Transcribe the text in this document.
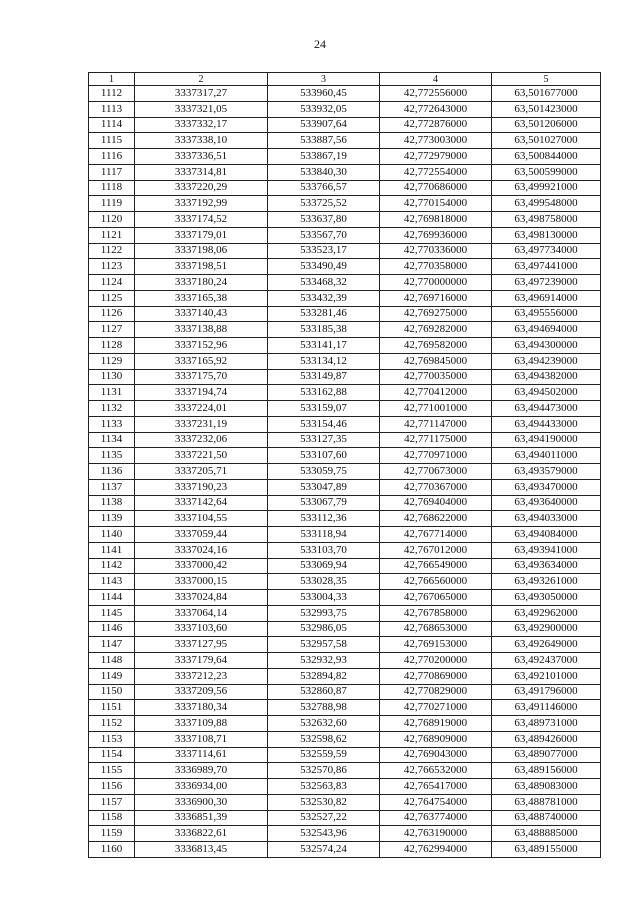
24
1	2	3	4	5
1112	3337317,27	533960,45	42,772556000	63,501677000
1113	3337321,05	533932,05	42,772643000	63,501423000
1114	3337332,17	533907,64	42,772876000	63,501206000
1115	3337338,10	533887,56	42,773003000	63,501027000
1116	3337336,51	533867,19	42,772979000	63,500844000
1117	3337314,81	533840,30	42,772554000	63,500599000
1118	3337220,29	533766,57	42,770686000	63,499921000
1119	3337192,99	533725,52	42,770154000	63,499548000
1120	3337174,52	533637,80	42,769818000	63,498758000
1121	3337179,01	533567,70	42,769936000	63,498130000
1122	3337198,06	533523,17	42,770336000	63,497734000
1123	3337198,51	533490,49	42,770358000	63,497441000
1124	3337180,24	533468,32	42,770000000	63,497239000
1125	3337165,38	533432,39	42,769716000	63,496914000
1126	3337140,43	533281,46	42,769275000	63,495556000
1127	3337138,88	533185,38	42,769282000	63,494694000
1128	3337152,96	533141,17	42,769582000	63,494300000
1129	3337165,92	533134,12	42,769845000	63,494239000
1130	3337175,70	533149,87	42,770035000	63,494382000
1131	3337194,74	533162,88	42,770412000	63,494502000
1132	3337224,01	533159,07	42,771001000	63,494473000
1133	3337231,19	533154,46	42,771147000	63,494433000
1134	3337232,06	533127,35	42,771175000	63,494190000
1135	3337221,50	533107,60	42,770971000	63,494011000
1136	3337205,71	533059,75	42,770673000	63,493579000
1137	3337190,23	533047,89	42,770367000	63,493470000
1138	3337142,64	533067,79	42,769404000	63,493640000
1139	3337104,55	533112,36	42,768622000	63,494033000
1140	3337059,44	533118,94	42,767714000	63,494084000
1141	3337024,16	533103,70	42,767012000	63,493941000
1142	3337000,42	533069,94	42,766549000	63,493634000
1143	3337000,15	533028,35	42,766560000	63,493261000
1144	3337024,84	533004,33	42,767065000	63,493050000
1145	3337064,14	532993,75	42,767858000	63,492962000
1146	3337103,60	532986,05	42,768653000	63,492900000
1147	3337127,95	532957,58	42,769153000	63,492649000
1148	3337179,64	532932,93	42,770200000	63,492437000
1149	3337212,23	532894,82	42,770869000	63,492101000
1150	3337209,56	532860,87	42,770829000	63,491796000
1151	3337180,34	532788,98	42,770271000	63,491146000
1152	3337109,88	532632,60	42,768919000	63,489731000
1153	3337108,71	532598,62	42,768909000	63,489426000
1154	3337114,61	532559,59	42,769043000	63,489077000
1155	3336989,70	532570,86	42,766532000	63,489156000
1156	3336934,00	532563,83	42,765417000	63,489083000
1157	3336900,30	532530,82	42,764754000	63,488781000
1158	3336851,39	532527,22	42,763774000	63,488740000
1159	3336822,61	532543,96	42,763190000	63,488885000
1160	3336813,45	532574,24	42,762994000	63,489155000
